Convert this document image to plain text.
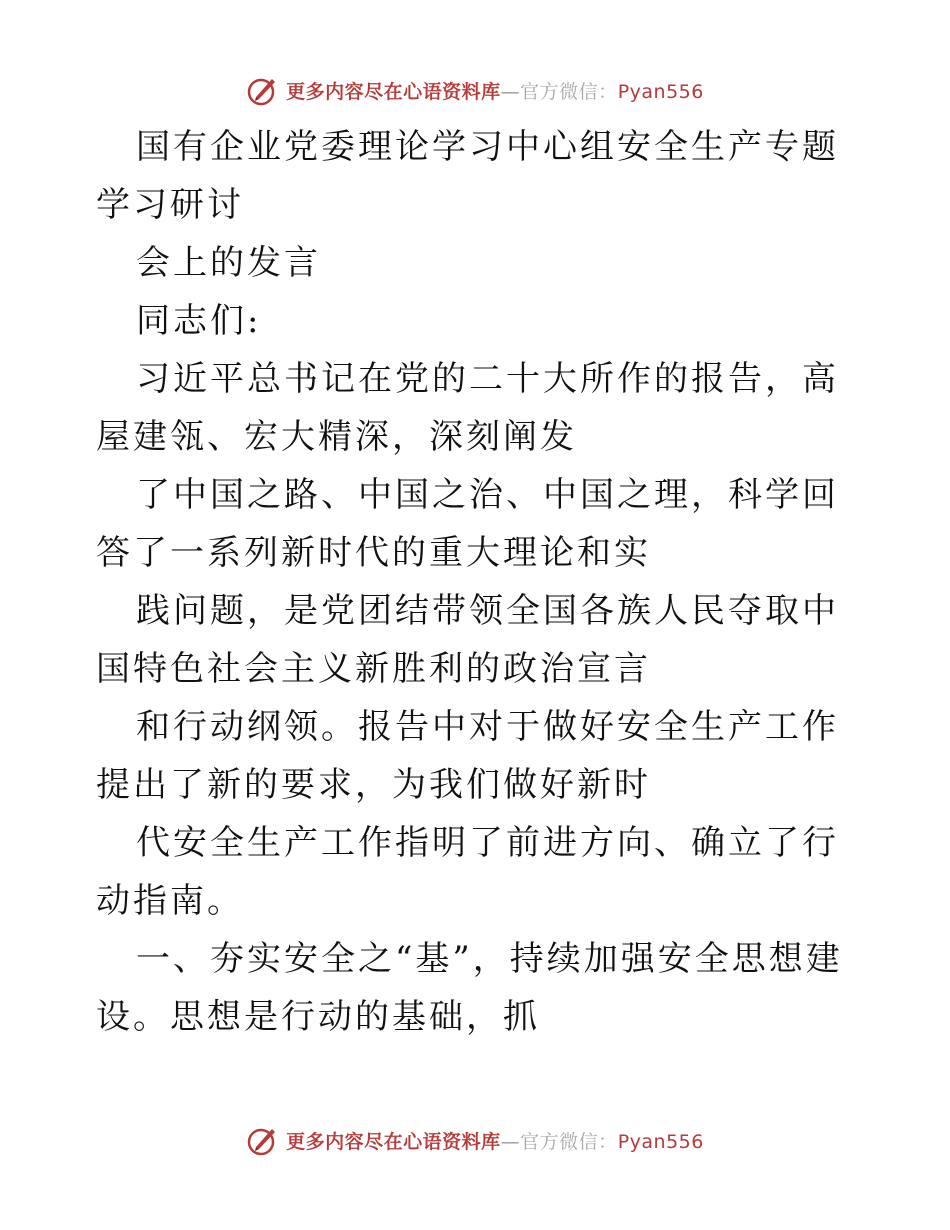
更多内容尽在心语资料库—官方微信：Pyan556

国有企业党委理论学习中心组安全生产专题学习研讨

会上的发言

同志们:

习近平总书记在党的二十大所作的报告，高屋建瓴、宏大精深，深刻阐发

了中国之路、中国之治、中国之理，科学回答了一系列新时代的重大理论和实

践问题，是党团结带领全国各族人民夺取中国特色社会主义新胜利的政治宣言

和行动纲领。报告中对于做好安全生产工作提出了新的要求，为我们做好新时

代安全生产工作指明了前进方向、确立了行动指南。

一、夯实安全之“基”，持续加强安全思想建设。思想是行动的基础，抓

更多内容尽在心语资料库—官方微信：Pyan556
